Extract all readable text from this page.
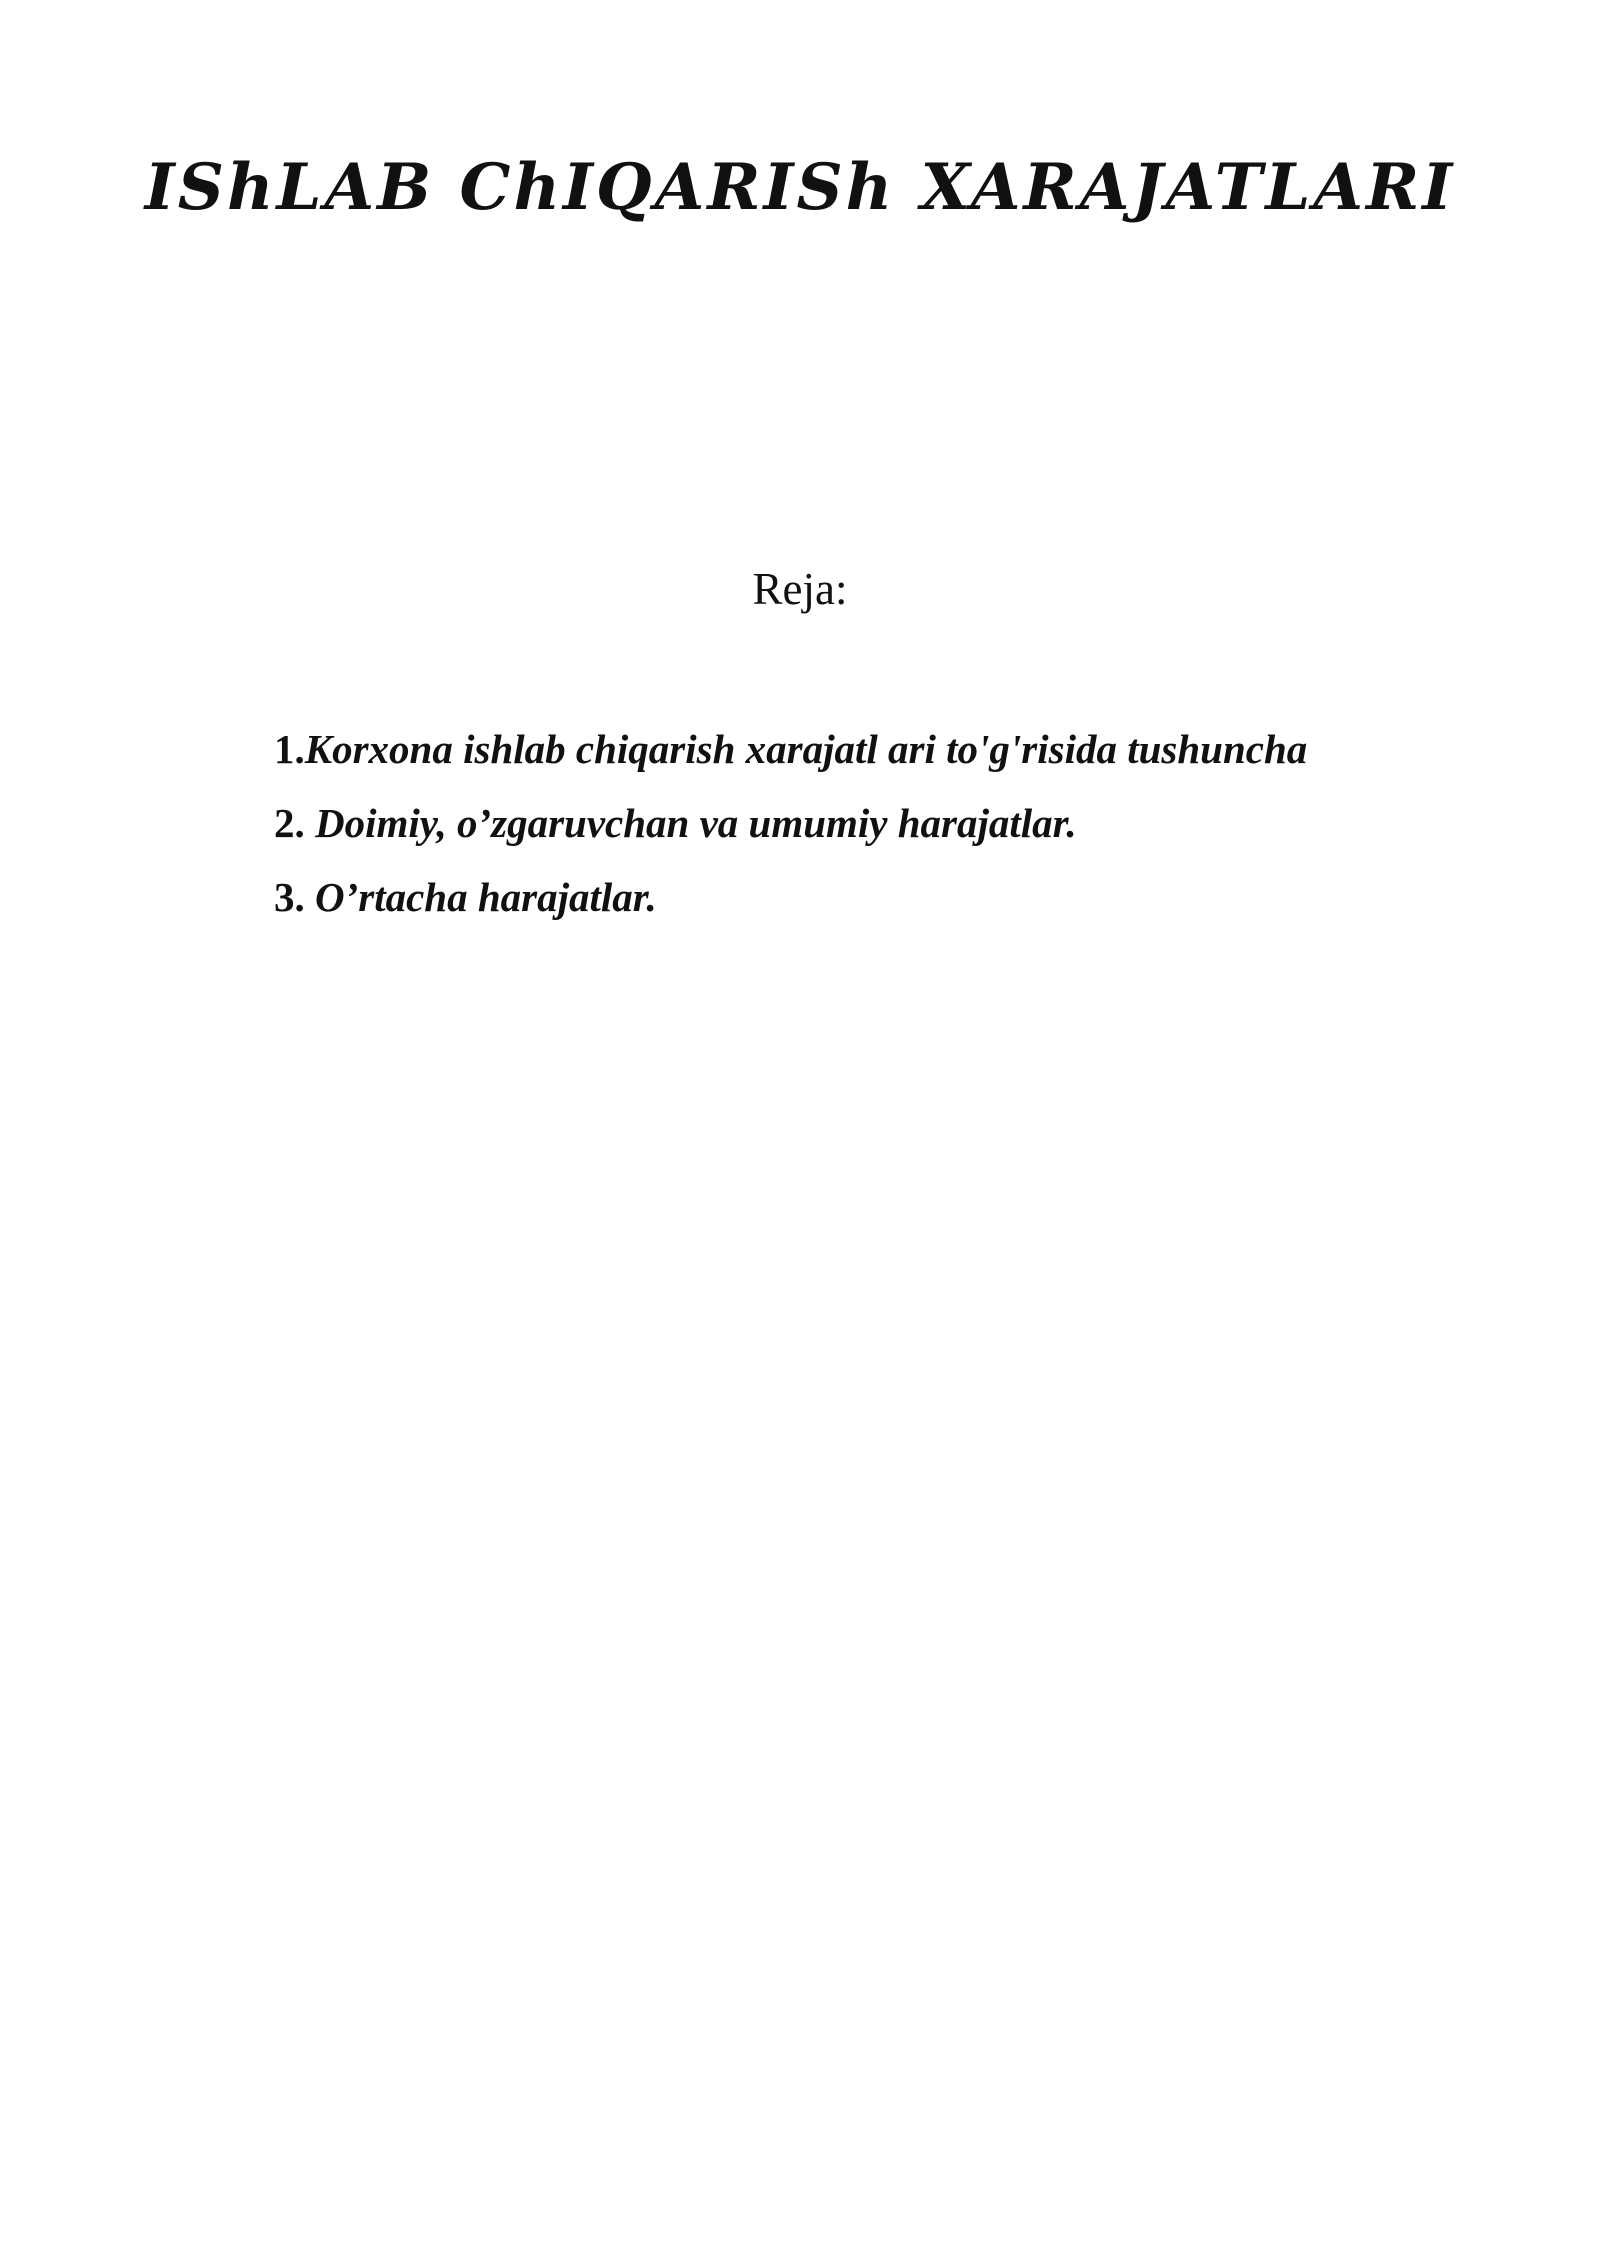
IShLAB ChIQARISh XARAJATLARI

Reja:

1.Korxona ishlab chiqarish xarajatl ari to'g'risida tushuncha
2. Doimiy, o’zgaruvchan va umumiy harajatlar.
3. O’rtacha harajatlar.
